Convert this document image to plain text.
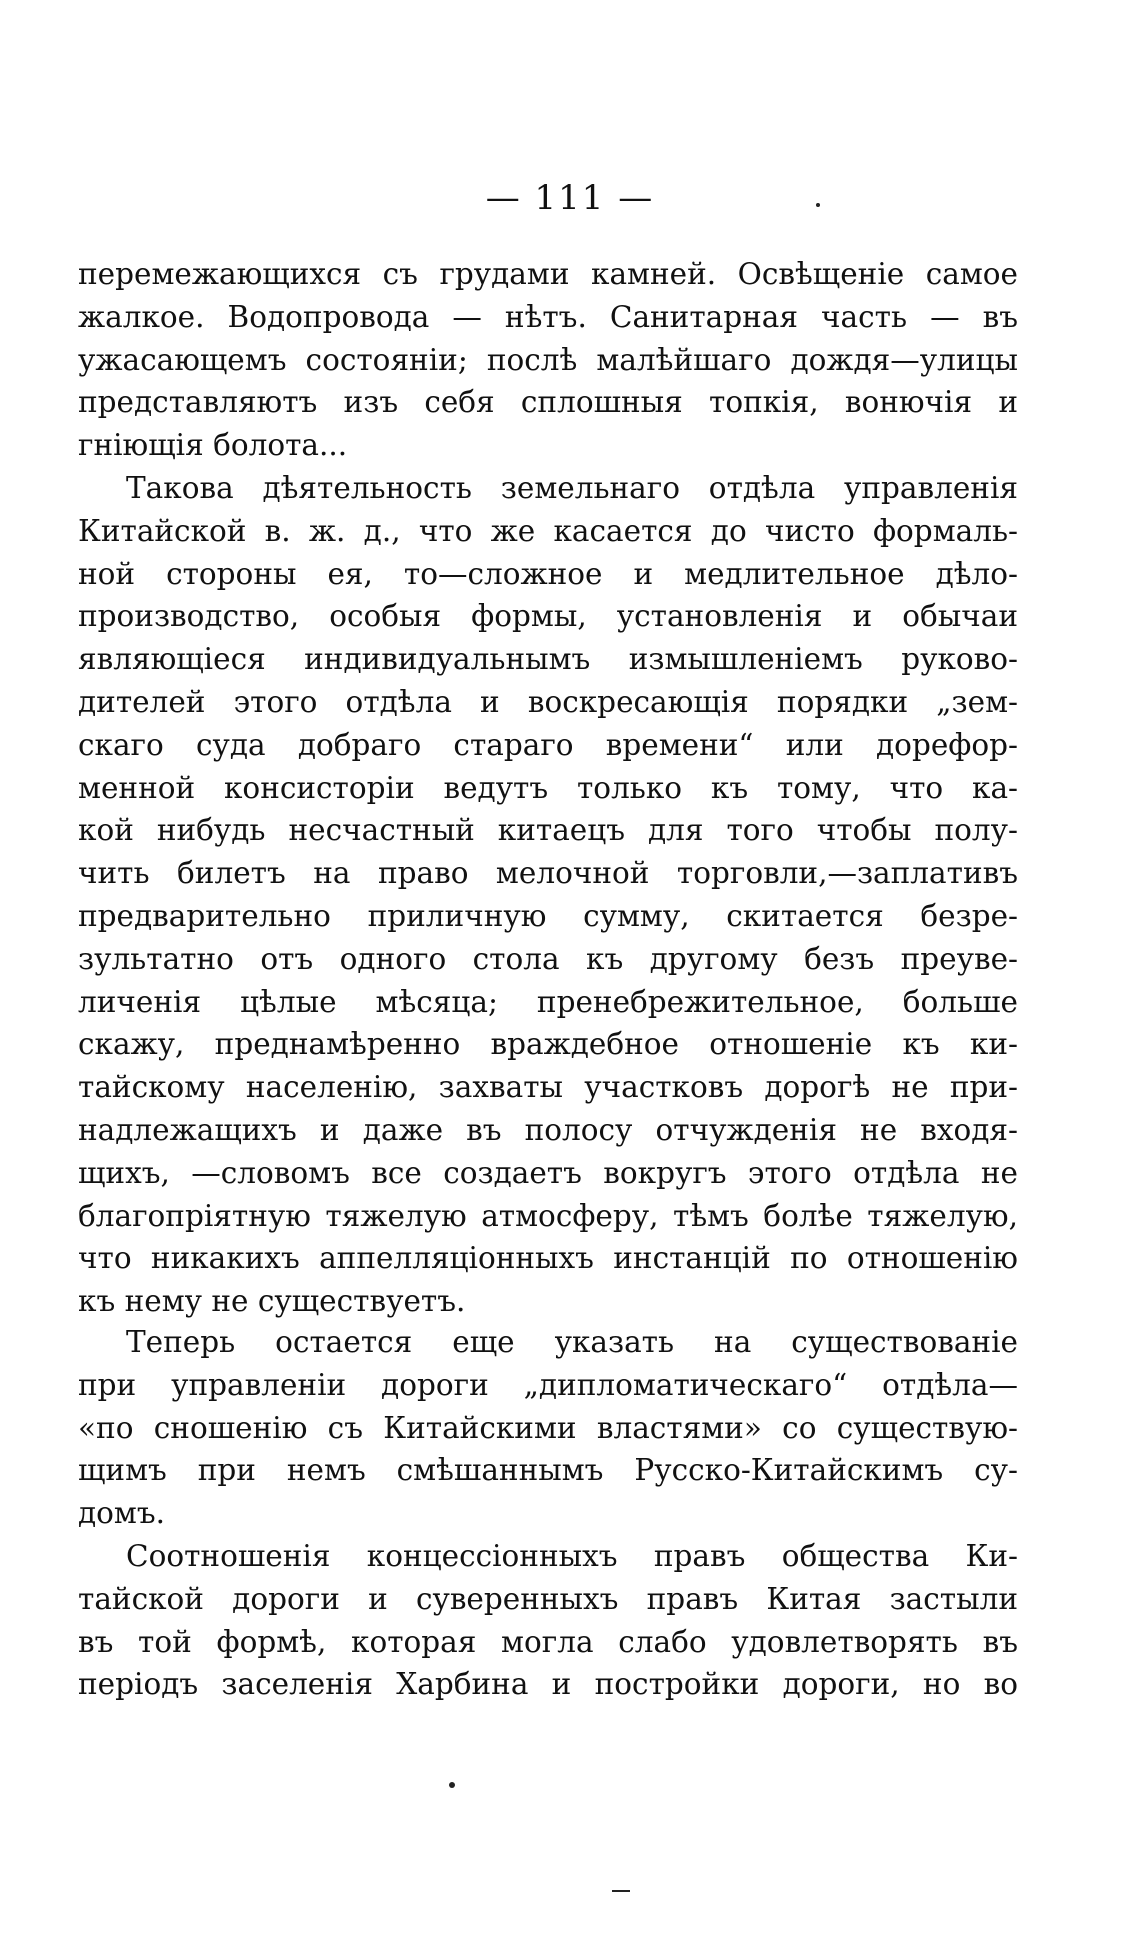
— 111 —
перемежающихся съ грудами камней. Освѣщеніе самое
жалкое. Водопровода — нѣтъ. Санитарная часть — въ
ужасающемъ состояніи; послѣ малѣйшаго дождя—улицы
представляютъ изъ себя сплошныя топкія, вонючія и
гніющія болота...
Такова дѣятельность земельнаго отдѣла управленія
Китайской в. ж. д., что же касается до чисто формаль-
ной стороны ея, то—сложное и медлительное дѣло-
производство, особыя формы, установленія и обычаи
являющіеся индивидуальнымъ измышленіемъ руково-
дителей этого отдѣла и воскресающія порядки „зем-
скаго суда добраго стараго времени“ или дорефор-
менной консисторіи ведутъ только къ тому, что ка-
кой нибудь несчастный китаецъ для того чтобы полу-
чить билетъ на право мелочной торговли,—заплативъ
предварительно приличную сумму, скитается безре-
зультатно отъ одного стола къ другому безъ преуве-
личенія цѣлые мѣсяца; пренебрежительное, больше
скажу, преднамѣренно враждебное отношеніе къ ки-
тайскому населенію, захваты участковъ дорогѣ не при-
надлежащихъ и даже въ полосу отчужденія не входя-
щихъ, —словомъ все создаетъ вокругъ этого отдѣла не
благопріятную тяжелую атмосферу, тѣмъ болѣе тяжелую,
что никакихъ аппелляціонныхъ инстанцій по отношенію
къ нему не существуетъ.
Теперь остается еще указать на существованіе
при управленіи дороги „дипломатическаго“ отдѣла—
«по сношенію съ Китайскими властями» со существую-
щимъ при немъ смѣшаннымъ Русско-Китайскимъ су-
домъ.
Соотношенія концессіонныхъ правъ общества Ки-
тайской дороги и суверенныхъ правъ Китая застыли
въ той формѣ, которая могла слабо удовлетворять въ
періодъ заселенія Харбина и постройки дороги, но во
